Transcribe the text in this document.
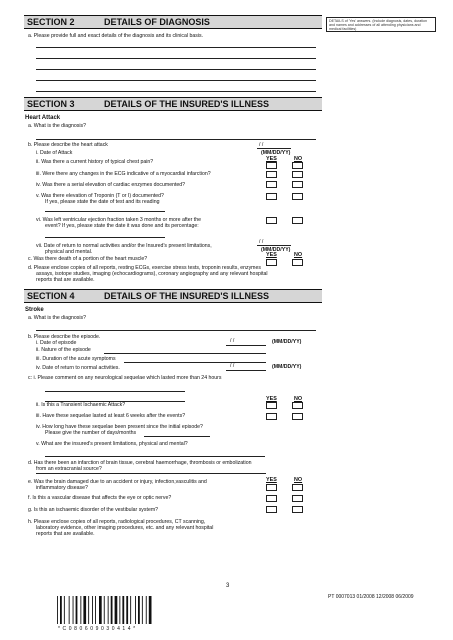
DETAILS of 'Yes' answers. (Include diagnosis, dates, duration and names and addresses of all attending physicians and medical facilities)
SECTION 2	DETAILS OF DIAGNOSIS
a. Please provide full and exact details of the diagnosis and its clinical basis.
SECTION 3	DETAILS OF THE INSURED'S ILLNESS
Heart Attack
a. What is the diagnosis?
b. Please describe the heart attack
i. Date of Attack
/ /
(MM/DD/YY)
YES	NO
ii. Was there a current history of typical chest pain?
iii. Were there any changes in the ECG indicative of a myocardial infarction?
iv. Was there a serial elevation of cardiac enzymes documented?
v. Was there elevation of Troponin (T or I) documented?
If yes, please state the date of test and its reading
vi. Was left ventricular ejection fraction taken 3 months or more after the
event? If yes, please state the date it was done and its percentage:
/ /
vii. Date of return to normal activities and/or the Insured's present limitations,
physical and mental.	(MM/DD/YY)
YES	NO
c. Was there death of a portion of the heart muscle?
d. Please enclose copies of all reports, resting ECGs, exercise stress tests, troponin results, enzymes
assays, isotope studies, imaging (echocardiograms), coronary angiography and any relevant hospital
reports that are available.
SECTION 4	DETAILS OF THE INSURED'S ILLNESS
Stroke
a. What is the diagnosis?
b. Please describe the episode.
i. Date of episode	/ /	(MM/DD/YY)
ii. Nature of the episode
iii. Duration of the acute symptoms
iv. Date of return to normal activities.	/ /	(MM/DD/YY)
c: i. Please comment on any neurological sequelae which lasted more than 24 hours
YES	NO
ii. Is this a Transient Ischaemic Attack?
iii. Have these sequelae lasted at least 6 weeks after the events?
iv. How long have these sequelae been present since the initial episode?
Please give the number of days/months
v. What are the insured's present limitations, physical and mental?
d. Has there been an infarction of brain tissue, cerebral haemorrhage, thrombosis or embolization
from an extracranial source?
YES	NO
e. Was the brain damaged due to an accident or injury, infection,vasculitis and
inflammatory disease?
f. Is this a vascular disease that affects the eye or optic nerve?
g. Is this an ischaemic disorder of the vestibular system?
h. Please enclose copies of all reports, radiological procedures, CT scanning,
laboratory evidence, other imaging procedures, etc. and any relevant hospital
reports that are available.
3
PT 0007013 01/2008 12/2008 06/2009
* C 0 8 0 6 0 9 0 3 0 4 1 4 *
